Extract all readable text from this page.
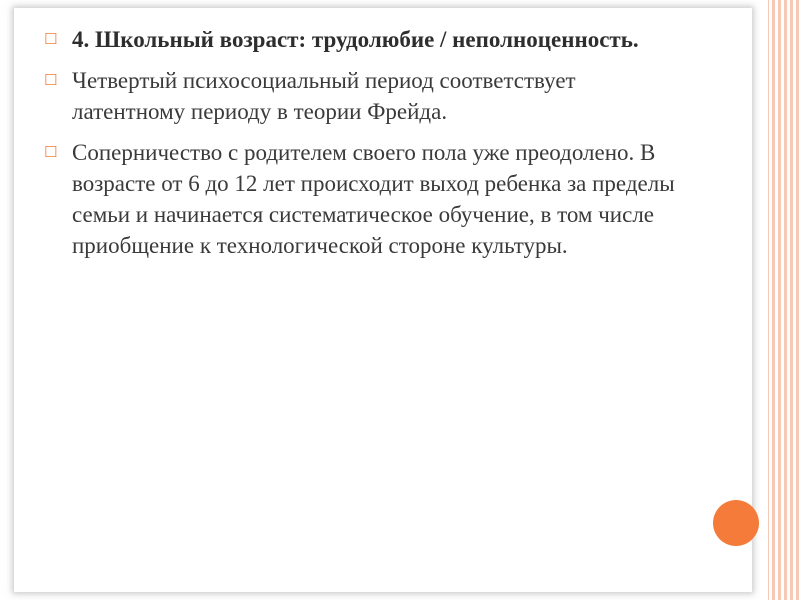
☐
4. Школьный возраст: трудолюбие / неполноценность.
☐
Четвертый психосоциальный период соответствует латентному периоду в теории Фрейда.
☐
Соперничество с родителем своего пола уже преодолено. В возрасте от 6 до 12 лет происходит выход ребенка за пределы семьи и начинается систематическое обучение, в том числе приобщение к технологической стороне культуры.
